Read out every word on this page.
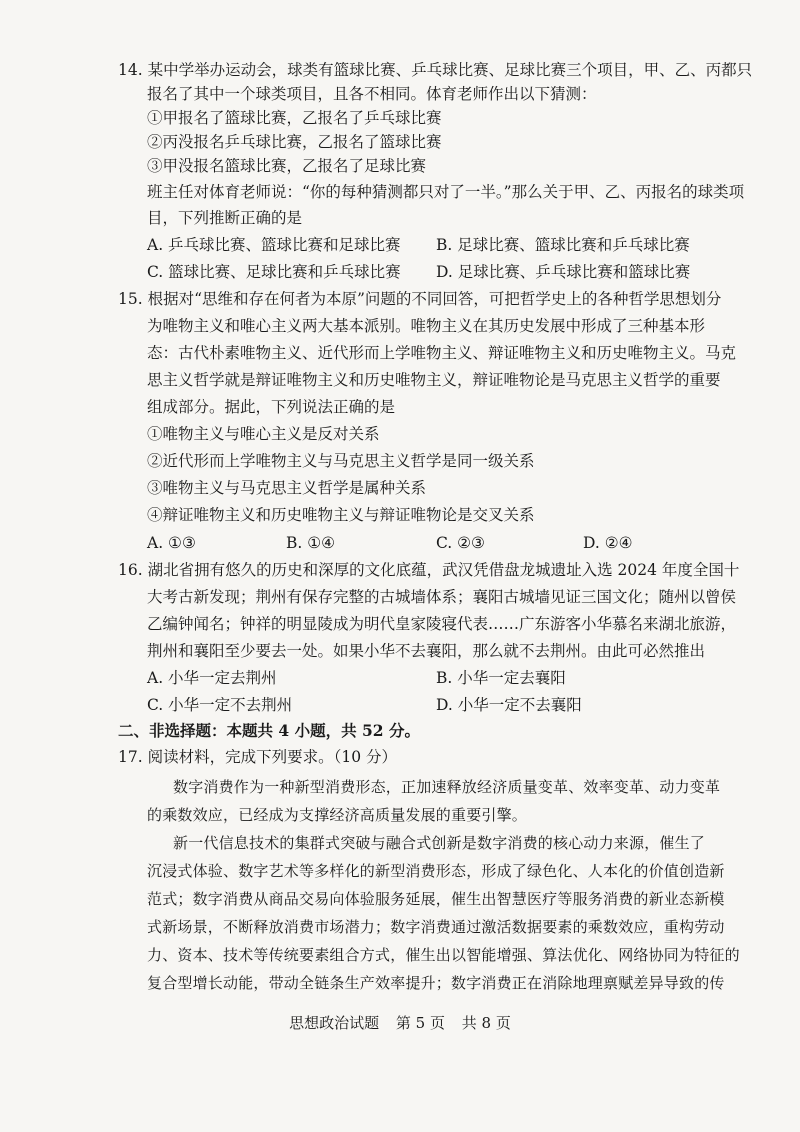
14. 某中学举办运动会，球类有篮球比赛、乒乓球比赛、足球比赛三个项目，甲、乙、丙都只
报名了其中一个球类项目，且各不相同。体育老师作出以下猜测：
①甲报名了篮球比赛，乙报名了乒乓球比赛
②丙没报名乒乓球比赛，乙报名了篮球比赛
③甲没报名篮球比赛，乙报名了足球比赛
班主任对体育老师说：“你的每种猜测都只对了一半。”那么关于甲、乙、丙报名的球类项
目，下列推断正确的是
A. 乒乓球比赛、篮球比赛和足球比赛 B. 足球比赛、篮球比赛和乒乓球比赛
C. 篮球比赛、足球比赛和乒乓球比赛 D. 足球比赛、乒乓球比赛和篮球比赛
15. 根据对“思维和存在何者为本原”问题的不同回答，可把哲学史上的各种哲学思想划分
为唯物主义和唯心主义两大基本派别。唯物主义在其历史发展中形成了三种基本形
态：古代朴素唯物主义、近代形而上学唯物主义、辩证唯物主义和历史唯物主义。马克
思主义哲学就是辩证唯物主义和历史唯物主义，辩证唯物论是马克思主义哲学的重要
组成部分。据此，下列说法正确的是
①唯物主义与唯心主义是反对关系
②近代形而上学唯物主义与马克思主义哲学是同一级关系
③唯物主义与马克思主义哲学是属种关系
④辩证唯物主义和历史唯物主义与辩证唯物论是交叉关系
A. ①③	B. ①④	C. ②③	D. ②④
16. 湖北省拥有悠久的历史和深厚的文化底蕴，武汉凭借盘龙城遗址入选 2024 年度全国十
大考古新发现；荆州有保存完整的古城墙体系；襄阳古城墙见证三国文化；随州以曾侯
乙编钟闻名；钟祥的明显陵成为明代皇家陵寝代表……广东游客小华慕名来湖北旅游，
荆州和襄阳至少要去一处。如果小华不去襄阳，那么就不去荆州。由此可必然推出
A. 小华一定去荆州	B. 小华一定去襄阳
C. 小华一定不去荆州	D. 小华一定不去襄阳
二、非选择题：本题共 4 小题，共 52 分。
17. 阅读材料，完成下列要求。（10 分）
数字消费作为一种新型消费形态，正加速释放经济质量变革、效率变革、动力变革
的乘数效应，已经成为支撑经济高质量发展的重要引擎。
新一代信息技术的集群式突破与融合式创新是数字消费的核心动力来源，催生了
沉浸式体验、数字艺术等多样化的新型消费形态，形成了绿色化、人本化的价值创造新
范式；数字消费从商品交易向体验服务延展，催生出智慧医疗等服务消费的新业态新模
式新场景，不断释放消费市场潜力；数字消费通过激活数据要素的乘数效应，重构劳动
力、资本、技术等传统要素组合方式，催生出以智能增强、算法优化、网络协同为特征的
复合型增长动能，带动全链条生产效率提升；数字消费正在消除地理禀赋差异导致的传
思想政治试题 第 5 页 共 8 页
